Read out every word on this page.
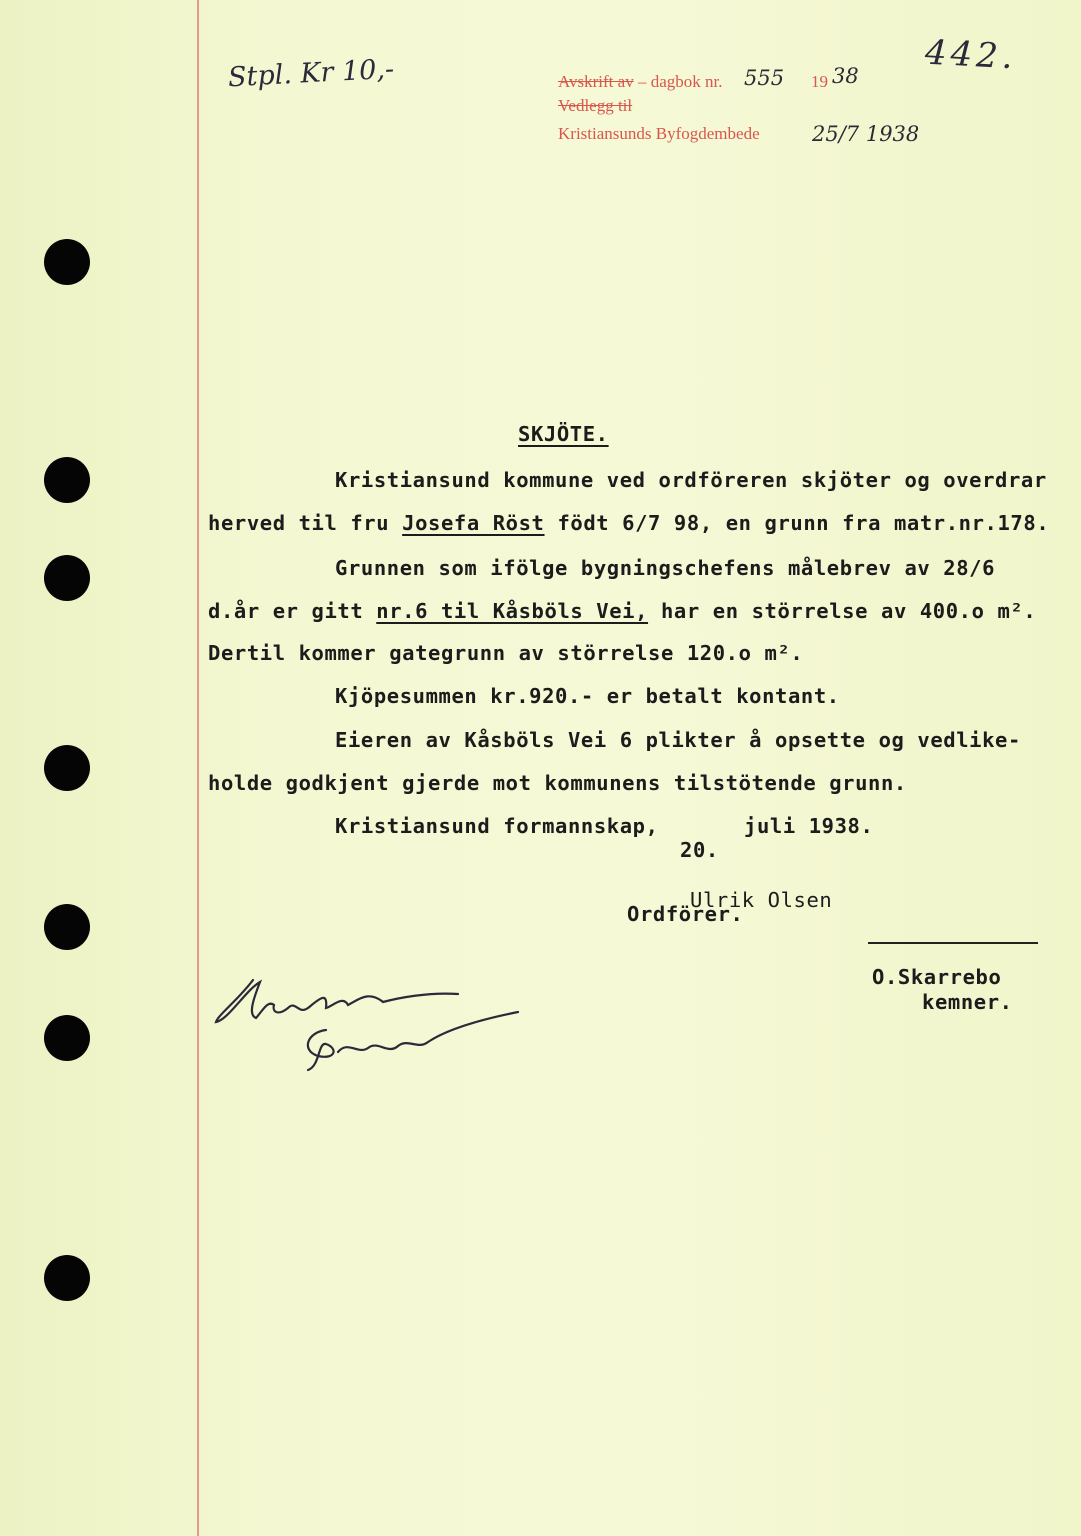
Stpl. Kr 10,-	442.
Avskrift av – dagbok nr. 555 19 38
Vedlegg til
Kristiansunds Byfogdembede 25/7 1938
SKJÖTE.
Kristiansund kommune ved ordföreren skjöter og overdrar
herved til fru Josefa Röst födt 6/7 98, en grunn fra matr.nr.178.
Grunnen som ifölge bygningschefens målebrev av 28/6
d.år er gitt nr.6 til Kåsböls Vei, har en störrelse av 400.o m².
Dertil kommer gategrunn av störrelse 120.o m².
Kjöpesummen kr.920.- er betalt kontant.
Eieren av Kåsböls Vei 6 plikter å opsette og vedlike-
holde godkjent gjerde mot kommunens tilstötende grunn.
Kristiansund formannskap,	juli 1938.
20.
Ulrik Olsen
Ordförer.
O.Skarrebo
kemner.
